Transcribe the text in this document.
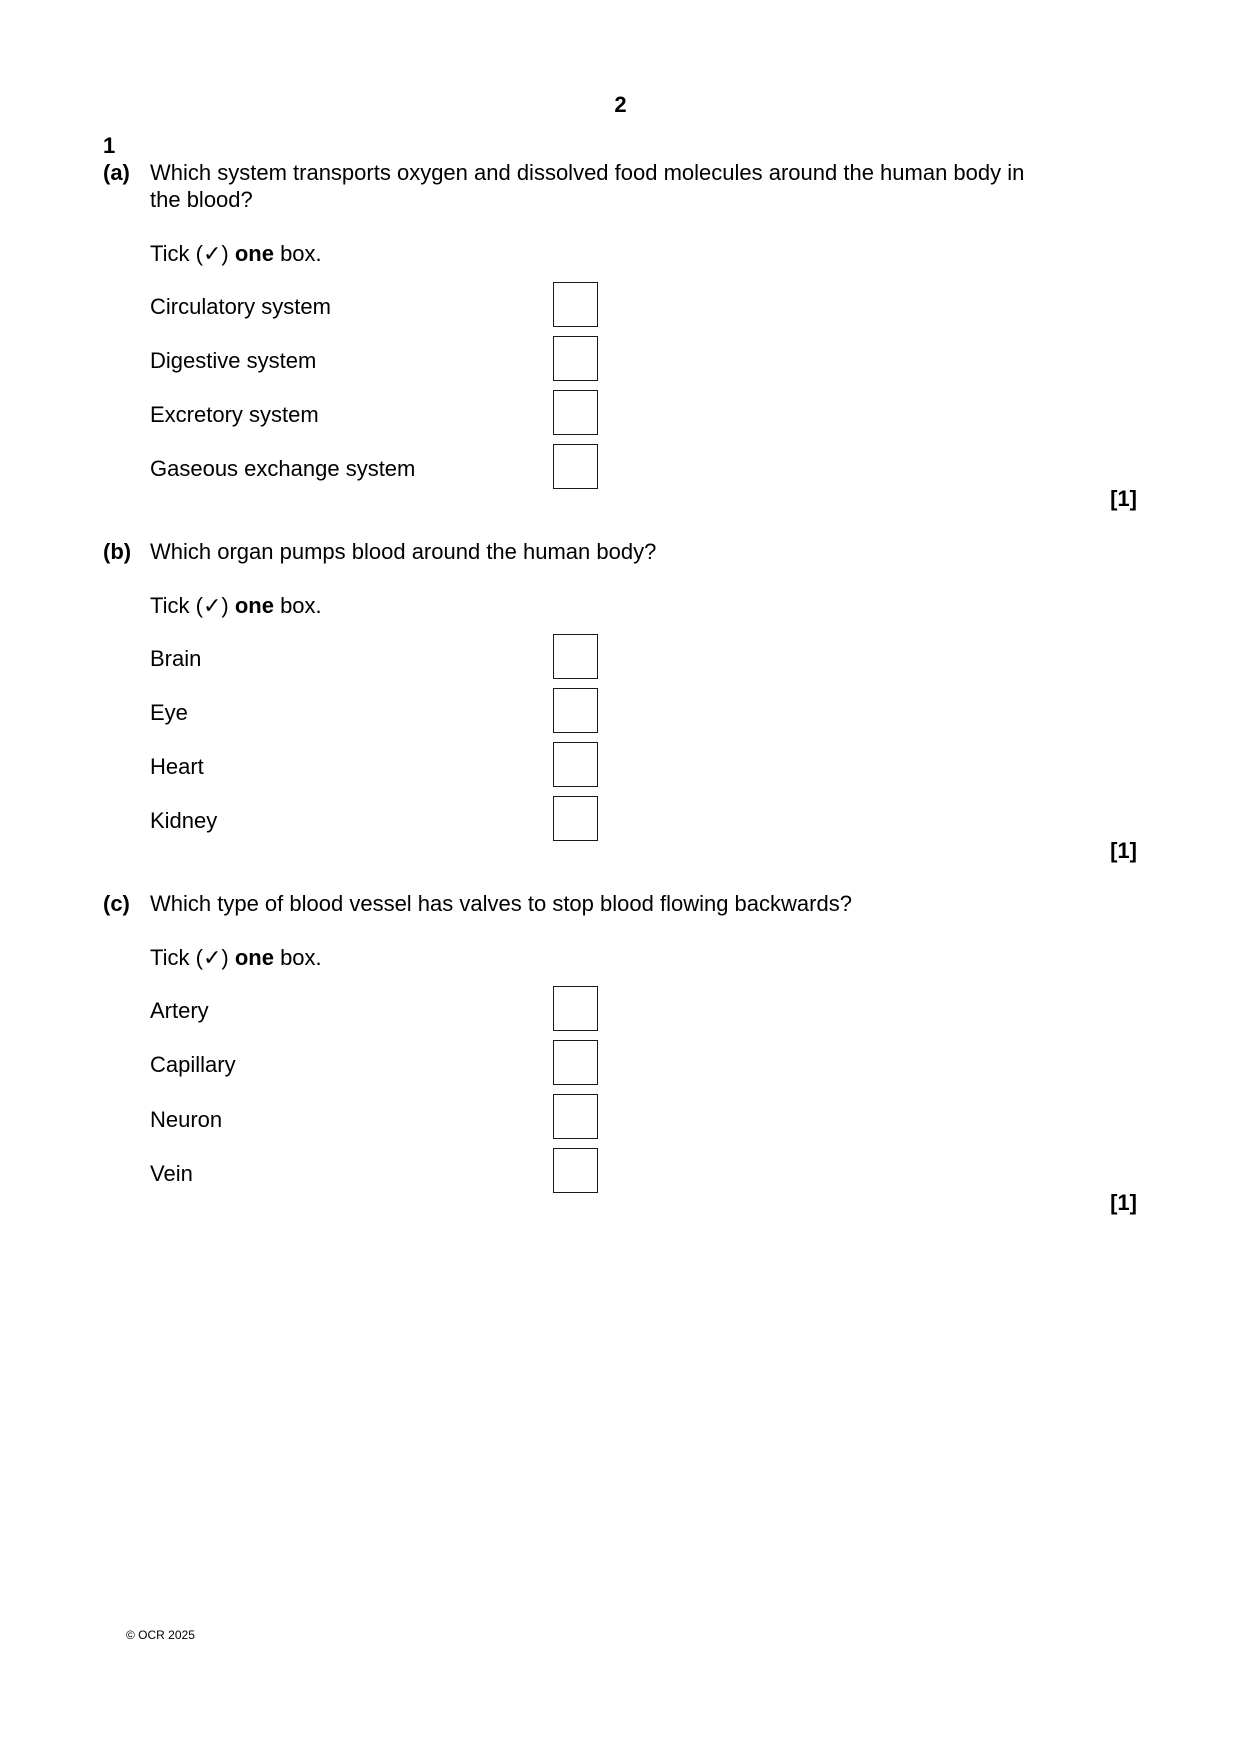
2
1
(a) Which system transports oxygen and dissolved food molecules around the human body in
the blood?
Tick (✓) one box.
Circulatory system
Digestive system
Excretory system
Gaseous exchange system
[1]
(b) Which organ pumps blood around the human body?
Tick (✓) one box.
Brain
Eye
Heart
Kidney
[1]
(c) Which type of blood vessel has valves to stop blood flowing backwards?
Tick (✓) one box.
Artery
Capillary
Neuron
Vein
[1]
© OCR 2025
